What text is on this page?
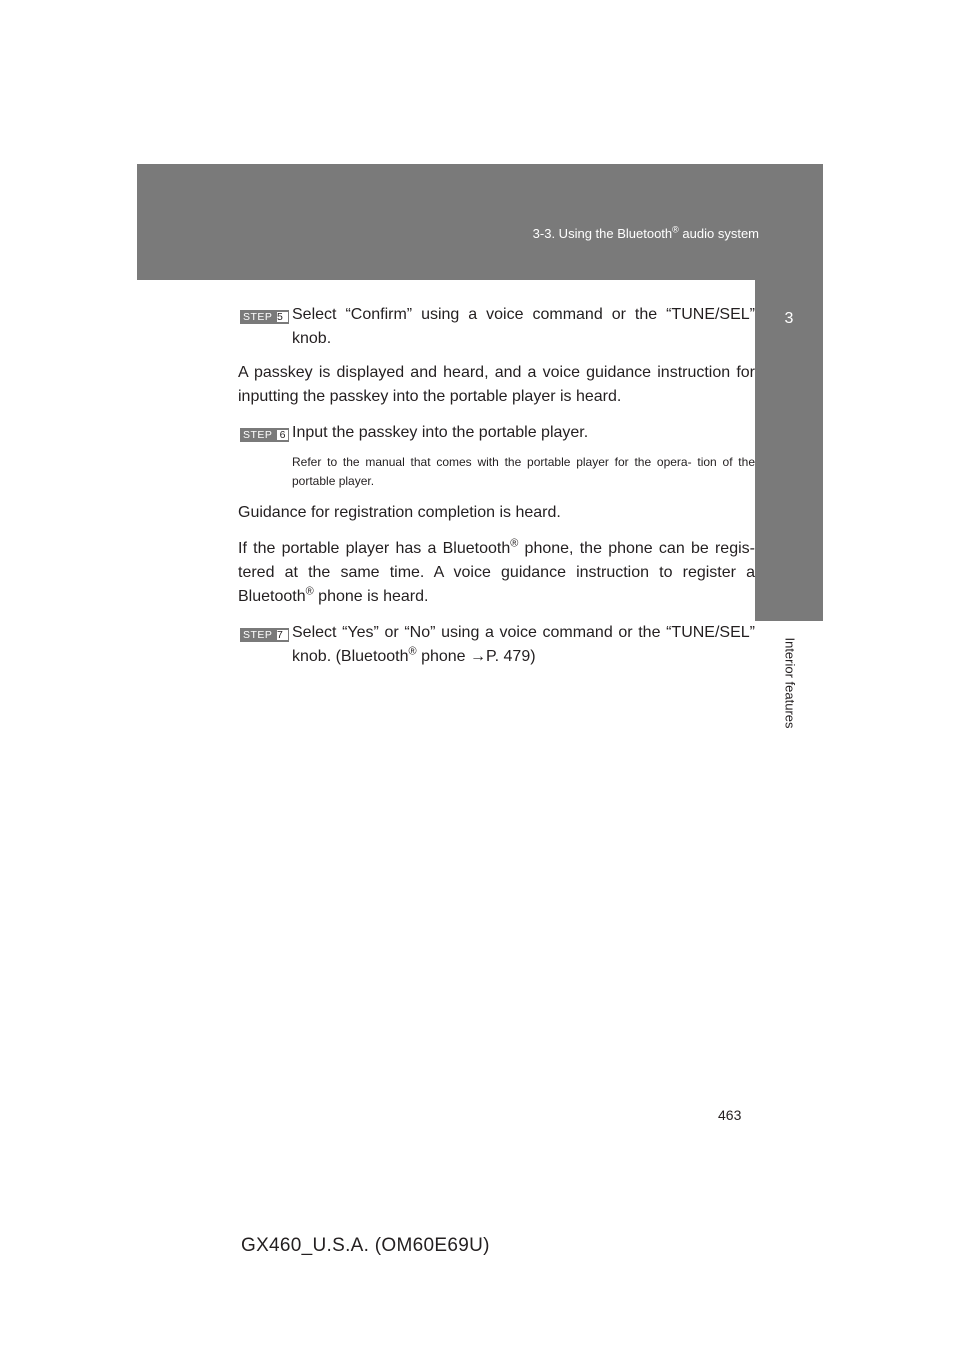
3-3. Using the Bluetooth® audio system
3
Interior features
STEP 5 Select “Confirm” using a voice command or the “TUNE/SEL” knob.

A passkey is displayed and heard, and a voice guidance instruction for inputting the passkey into the portable player is heard.

STEP 6 Input the passkey into the portable player.
Refer to the manual that comes with the portable player for the opera- tion of the portable player.

Guidance for registration completion is heard.

If the portable player has a Bluetooth® phone, the phone can be regis- tered at the same time. A voice guidance instruction to register a Bluetooth® phone is heard.

STEP 7 Select “Yes” or “No” using a voice command or the “TUNE/SEL” knob. (Bluetooth® phone →P. 479)
463
GX460_U.S.A. (OM60E69U)
